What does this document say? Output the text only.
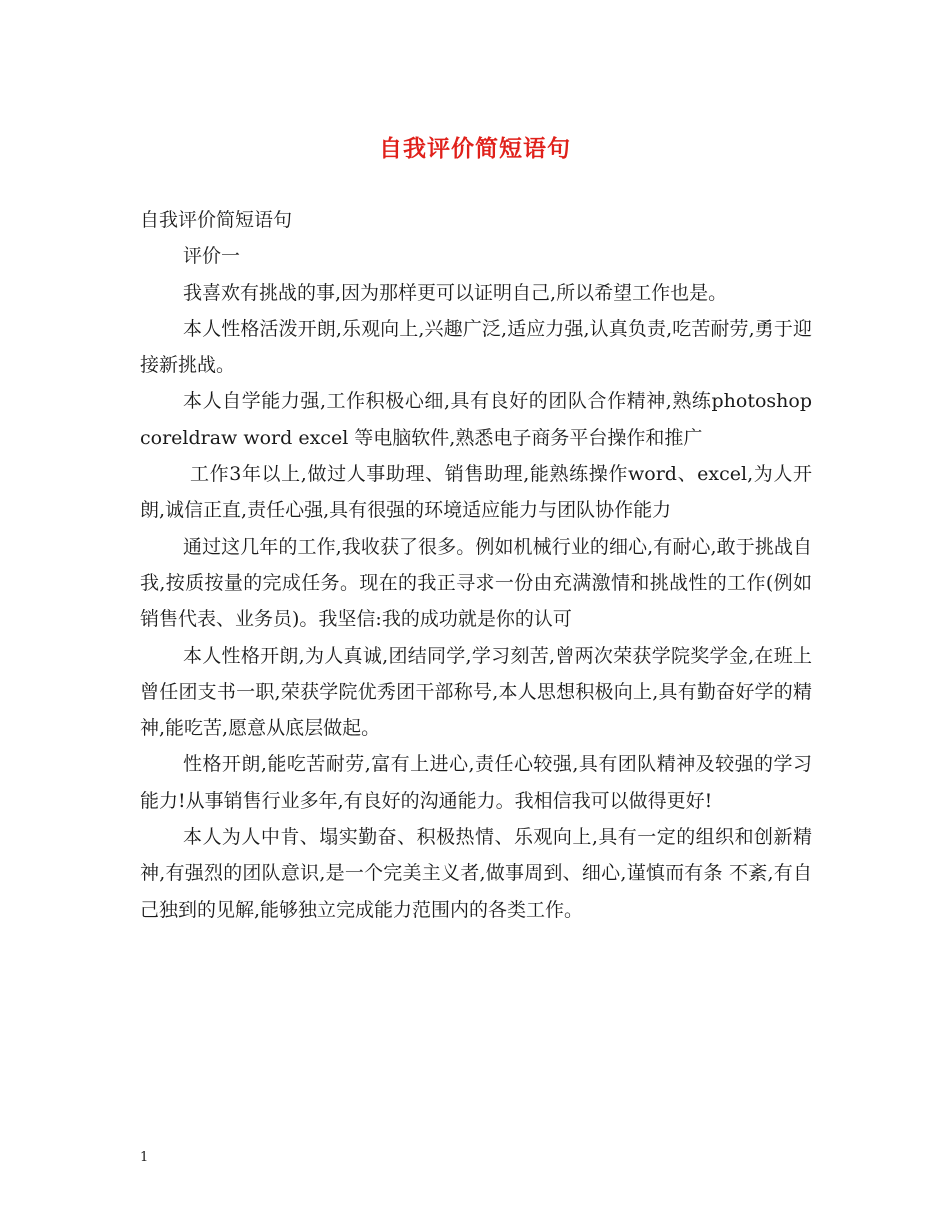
自我评价简短语句

自我评价简短语句

评价一

我喜欢有挑战的事,因为那样更可以证明自己,所以希望工作也是。

本人性格活泼开朗,乐观向上,兴趣广泛,适应力强,认真负责,吃苦耐劳,勇于迎接新挑战。

本人自学能力强,工作积极心细,具有良好的团队合作精神,熟练photoshop coreldraw word excel 等电脑软件,熟悉电子商务平台操作和推广

工作3年以上,做过人事助理、销售助理,能熟练操作word、excel,为人开朗,诚信正直,责任心强,具有很强的环境适应能力与团队协作能力

通过这几年的工作,我收获了很多。例如机械行业的细心,有耐心,敢于挑战自我,按质按量的完成任务。现在的我正寻求一份由充满激情和挑战性的工作(例如销售代表、业务员)。我坚信:我的成功就是你的认可

本人性格开朗,为人真诚,团结同学,学习刻苦,曾两次荣获学院奖学金,在班上曾任团支书一职,荣获学院优秀团干部称号,本人思想积极向上,具有勤奋好学的精神,能吃苦,愿意从底层做起。

性格开朗,能吃苦耐劳,富有上进心,责任心较强,具有团队精神及较强的学习能力!从事销售行业多年,有良好的沟通能力。我相信我可以做得更好!

本人为人中肯、塌实勤奋、积极热情、乐观向上,具有一定的组织和创新精神,有强烈的团队意识,是一个完美主义者,做事周到、细心,谨慎而有条 不紊,有自己独到的见解,能够独立完成能力范围内的各类工作。

1
